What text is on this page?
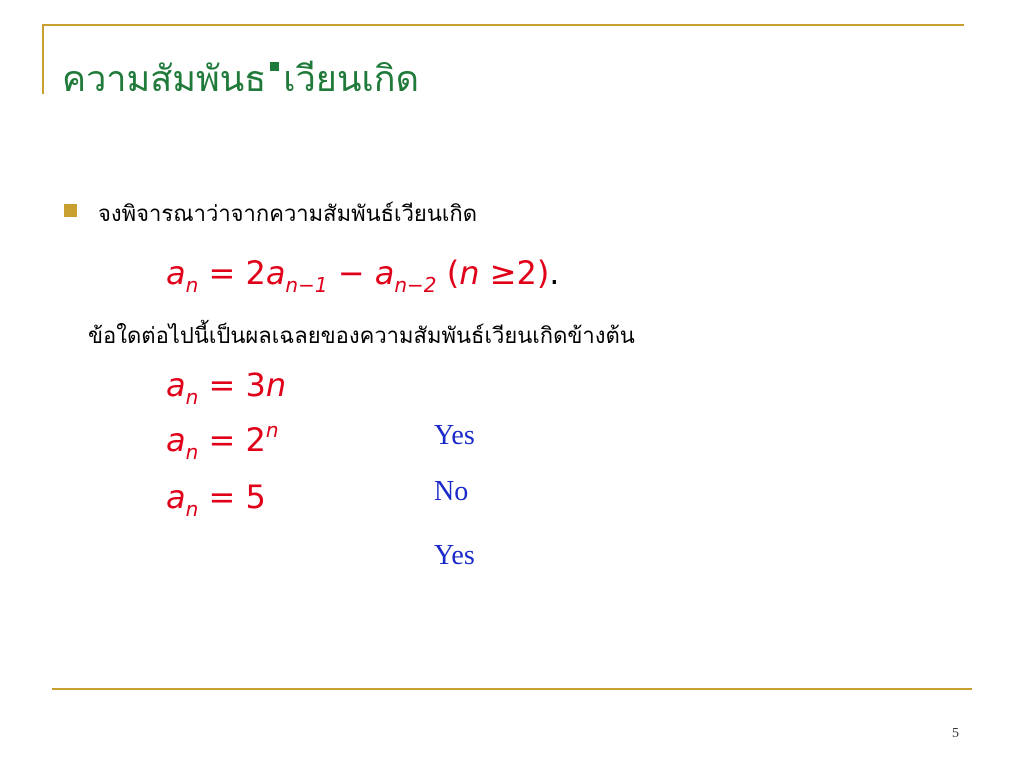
ความสัมพันธ เวียนเกิด
จงพิจารณาว่าจากความสัมพันธ์เวียนเกิด
$a_n = 2a_{n-1} - a_{n-2}$ (n ≥2).
ข้อใดต่อไปนี้เป็นผลเฉลยของความสัมพันธ์เวียนเกิดข้างต้น
$a_n = 3n$
$a_n = 2^n$
$a_n = 5$
Yes
No
Yes
5
